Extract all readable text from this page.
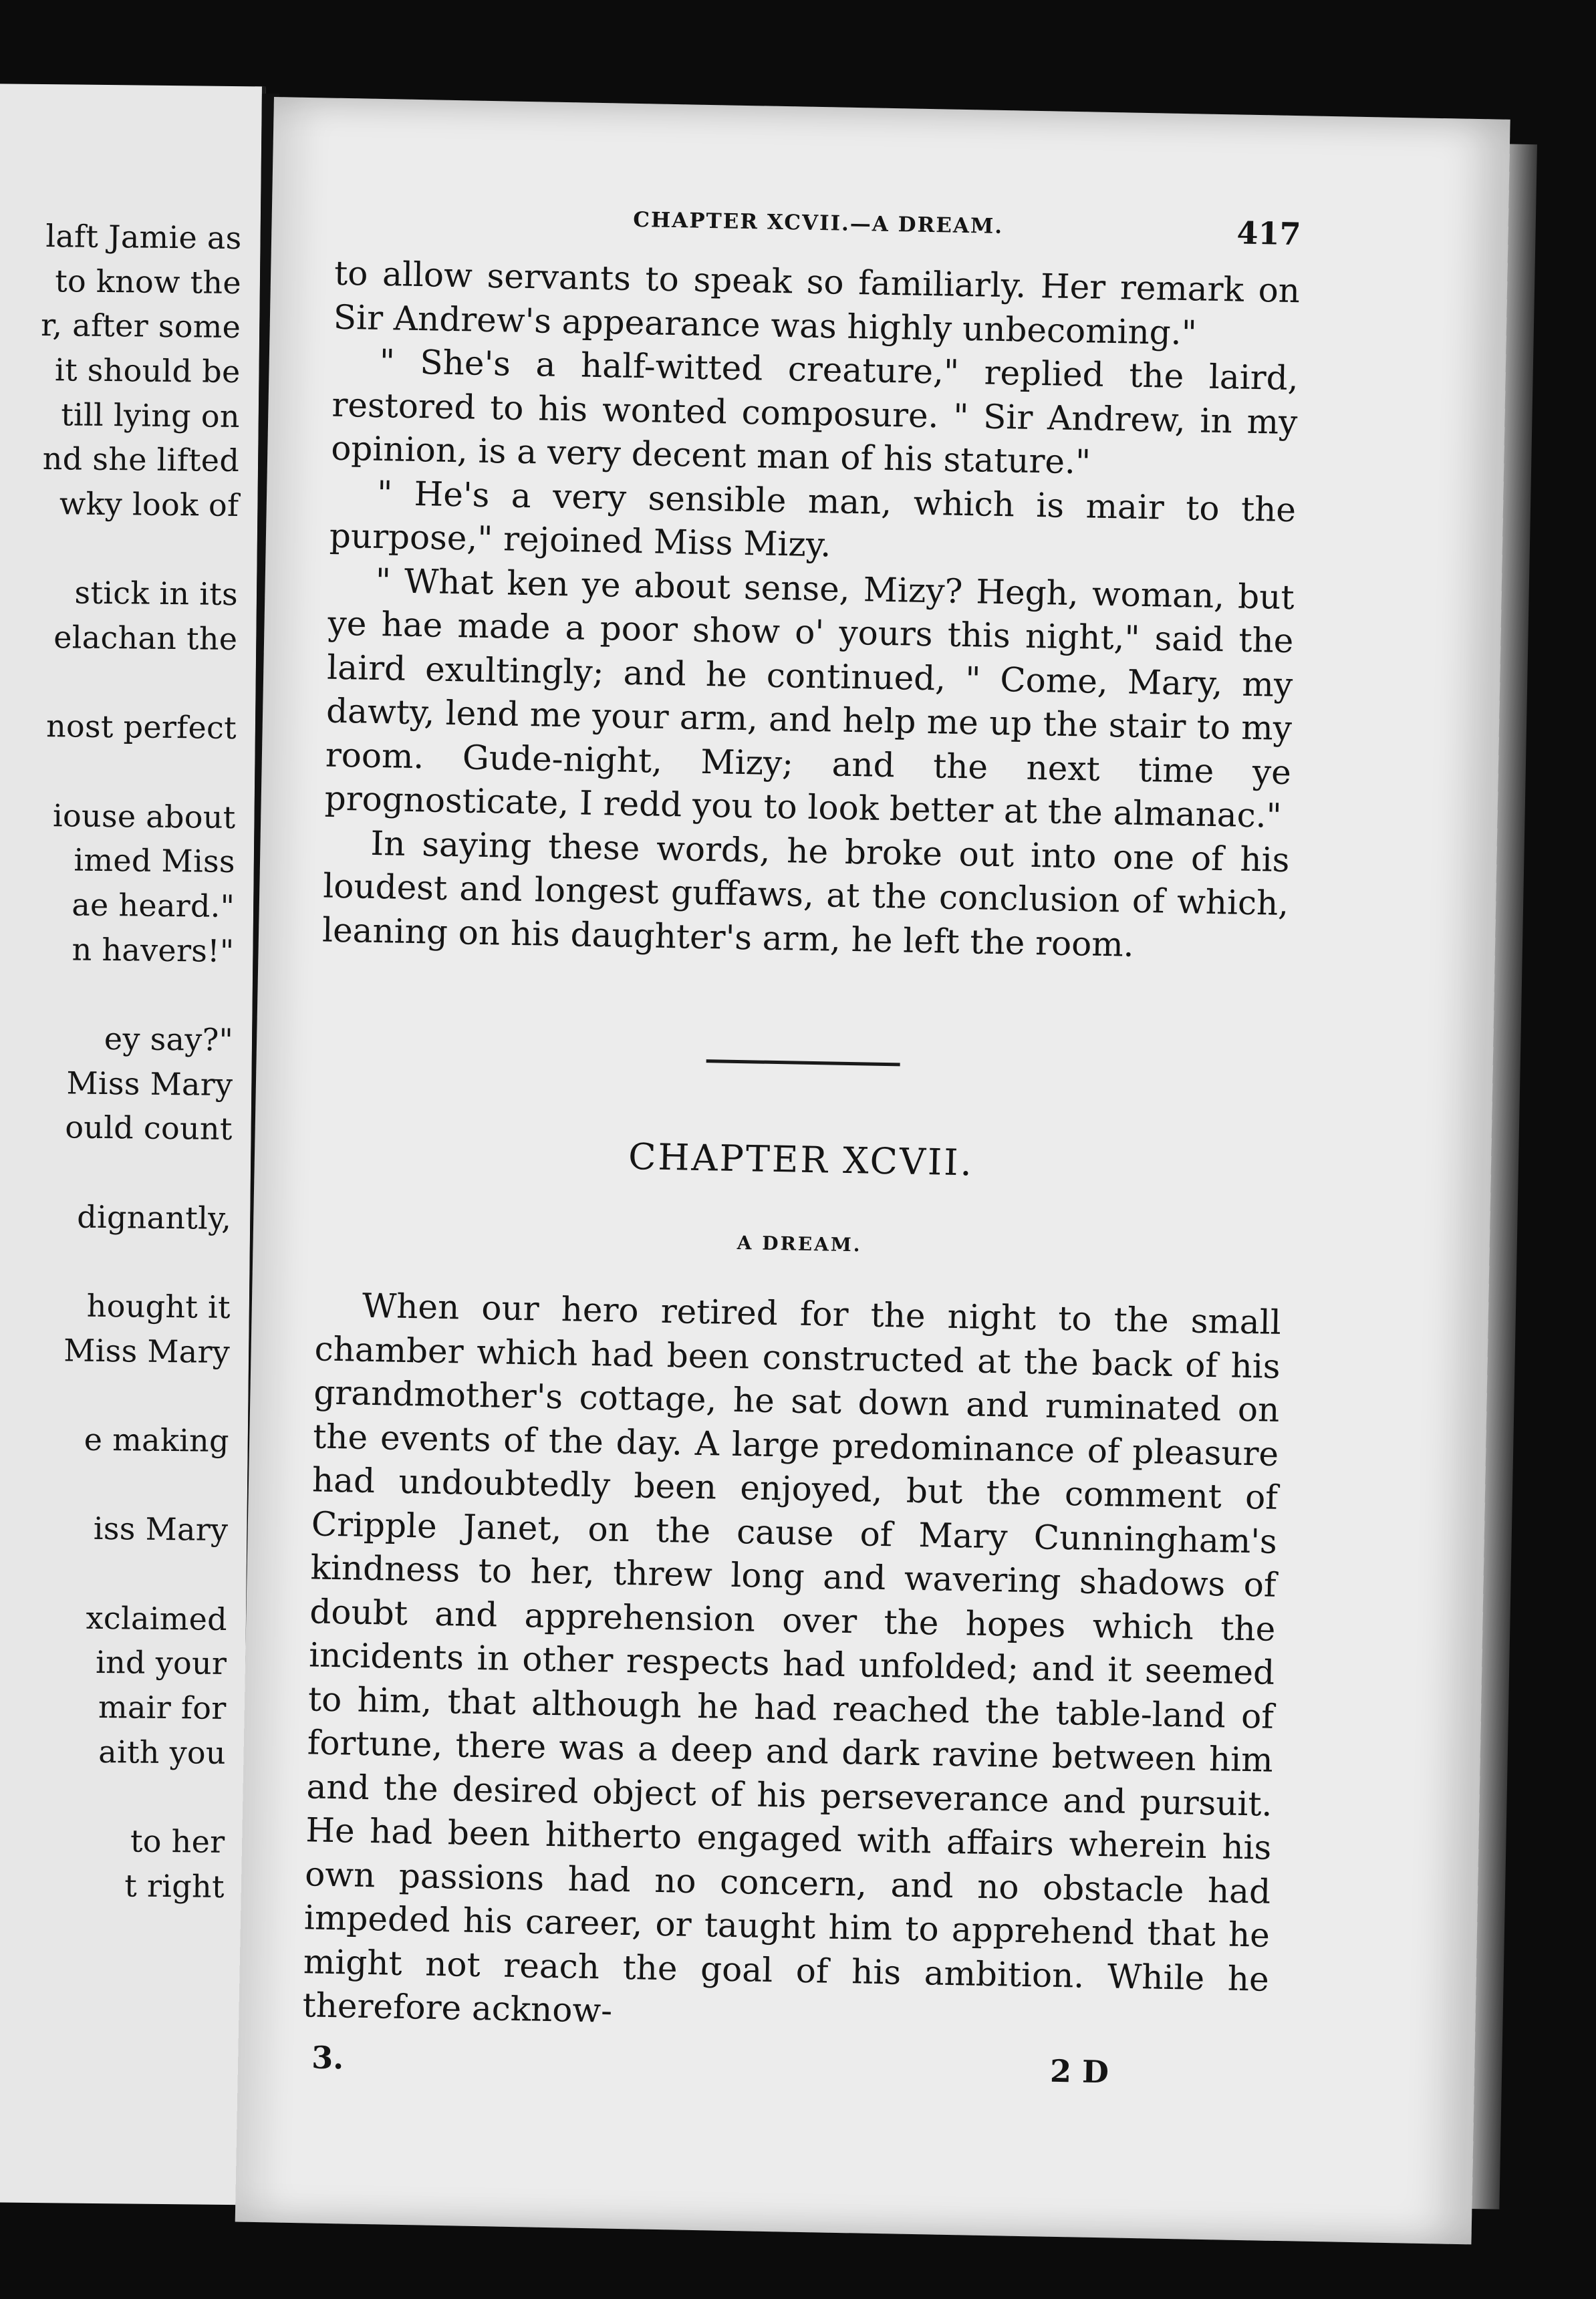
laft Jamie as
to know the
r, after some
it should be
till lying on
nd she lifted
wky look of
stick in its
elachan the
nost perfect
iouse about
imed Miss
ae heard."
n havers!"
ey say?"
Miss Mary
ould count
dignantly,
hought it
Miss Mary
e making
iss Mary
xclaimed
ind your
mair for
aith you
to her
t right
CHAPTER XCVII.—A DREAM.	417

to allow servants to speak so familiarly. Her remark on Sir Andrew's appearance was highly unbecoming."

" She's a half-witted creature," replied the laird, restored to his wonted composure. " Sir Andrew, in my opinion, is a very decent man of his stature."

" He's a very sensible man, which is mair to the purpose," rejoined Miss Mizy.

" What ken ye about sense, Mizy? Hegh, woman, but ye hae made a poor show o' yours this night," said the laird exultingly; and he continued, " Come, Mary, my dawty, lend me your arm, and help me up the stair to my room. Gude-night, Mizy; and the next time ye prognosticate, I redd you to look better at the almanac."

In saying these words, he broke out into one of his loudest and longest guffaws, at the conclusion of which, leaning on his daughter's arm, he left the room.

CHAPTER XCVII.
A DREAM.

When our hero retired for the night to the small chamber which had been constructed at the back of his grandmother's cottage, he sat down and ruminated on the events of the day. A large predominance of pleasure had undoubtedly been enjoyed, but the comment of Cripple Janet, on the cause of Mary Cunningham's kindness to her, threw long and wavering shadows of doubt and apprehension over the hopes which the incidents in other respects had unfolded; and it seemed to him, that although he had reached the table-land of fortune, there was a deep and dark ravine between him and the desired object of his perseverance and pursuit. He had been hitherto engaged with affairs wherein his own passions had no concern, and no obstacle had impeded his career, or taught him to apprehend that he might not reach the goal of his ambition. While he therefore acknow-

3.	2 D
